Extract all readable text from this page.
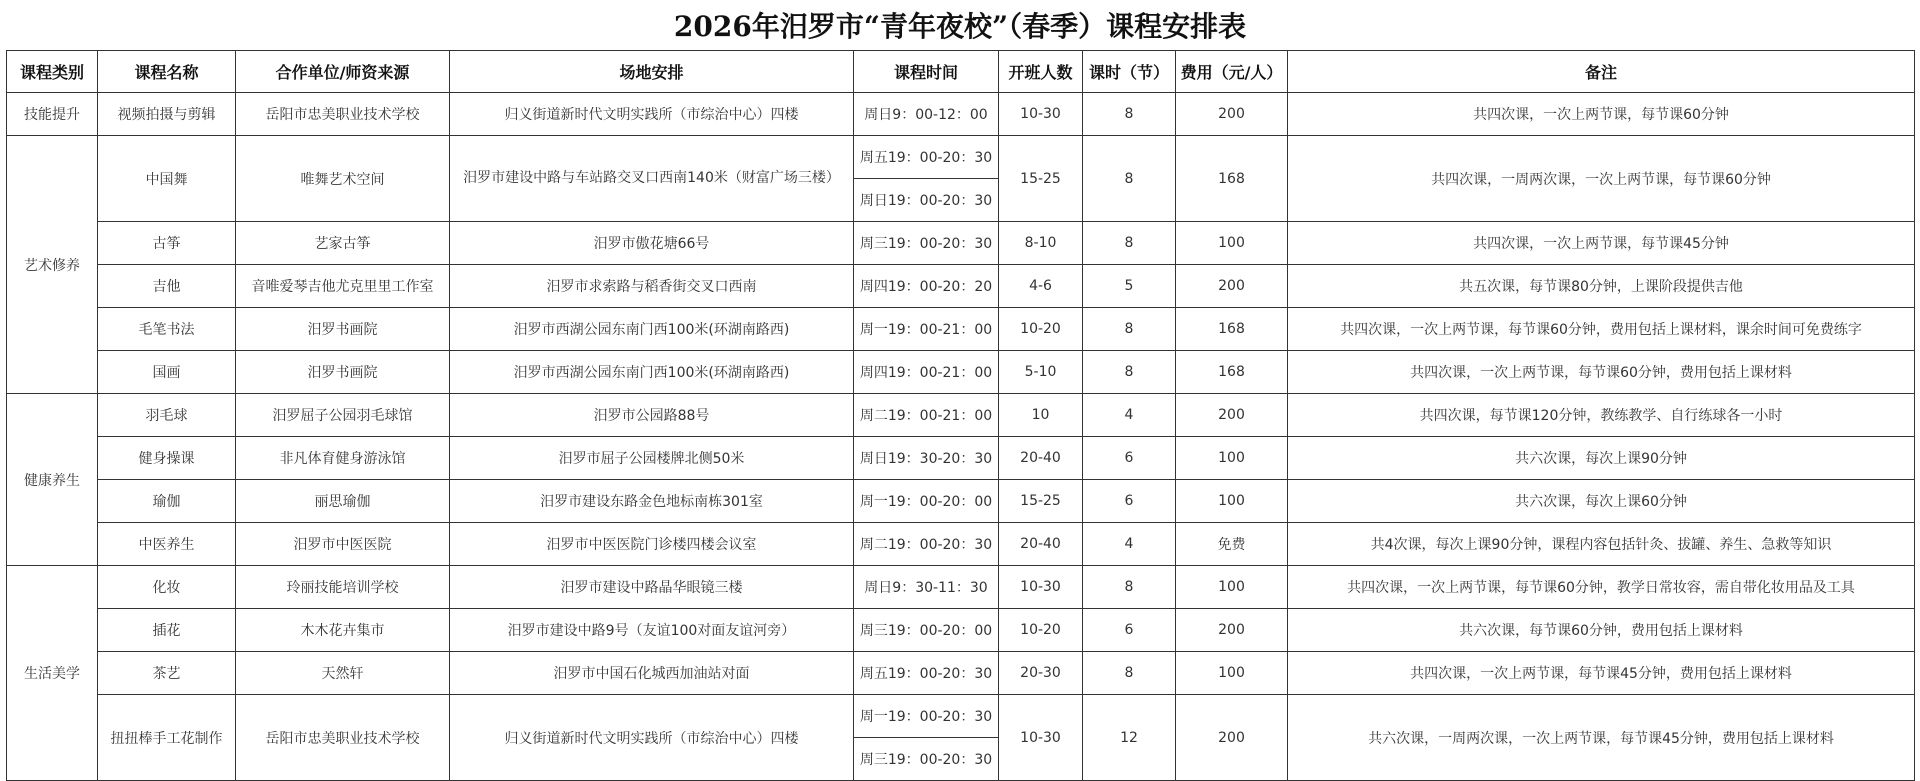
2026年汨罗市“青年夜校”（春季）课程安排表
课程类别	课程名称	合作单位/师资来源	场地安排	课程时间	开班人数	课时（节）	费用（元/人）	备注
技能提升	视频拍摄与剪辑	岳阳市忠美职业技术学校	归义街道新时代文明实践所（市综治中心）四楼	周日9：00-12：00	10-30	8	200	共四次课，一次上两节课，每节课60分钟
艺术修养	中国舞	唯舞艺术空间	汨罗市建设中路与车站路交叉口西南140米（财富广场三楼）	周五19：00-20：30	15-25	8	168	共四次课，一周两次课，一次上两节课，每节课60分钟
				周日19：00-20：30				
	古筝	艺家古筝	汨罗市傲花塘66号	周三19：00-20：30	8-10	8	100	共四次课，一次上两节课，每节课45分钟
	吉他	音唯爱琴吉他尤克里里工作室	汨罗市求索路与稻香街交叉口西南	周四19：00-20：20	4-6	5	200	共五次课，每节课80分钟，上课阶段提供吉他
	毛笔书法	汨罗书画院	汨罗市西湖公园东南门西100米(环湖南路西)	周一19：00-21：00	10-20	8	168	共四次课，一次上两节课，每节课60分钟，费用包括上课材料，课余时间可免费练字
	国画	汨罗书画院	汨罗市西湖公园东南门西100米(环湖南路西)	周四19：00-21：00	5-10	8	168	共四次课，一次上两节课，每节课60分钟，费用包括上课材料
健康养生	羽毛球	汨罗屈子公园羽毛球馆	汨罗市公园路88号	周二19：00-21：00	10	4	200	共四次课，每节课120分钟，教练教学、自行练球各一小时
	健身操课	非凡体育健身游泳馆	汨罗市屈子公园楼牌北侧50米	周日19：30-20：30	20-40	6	100	共六次课，每次上课90分钟
	瑜伽	丽思瑜伽	汨罗市建设东路金色地标南栋301室	周一19：00-20：00	15-25	6	100	共六次课，每次上课60分钟
	中医养生	汨罗市中医医院	汨罗市中医医院门诊楼四楼会议室	周二19：00-20：30	20-40	4	免费	共4次课，每次上课90分钟，课程内容包括针灸、拔罐、养生、急救等知识
生活美学	化妆	玲丽技能培训学校	汨罗市建设中路晶华眼镜三楼	周日9：30-11：30	10-30	8	100	共四次课，一次上两节课，每节课60分钟，教学日常妆容，需自带化妆用品及工具
	插花	木木花卉集市	汨罗市建设中路9号（友谊100对面友谊河旁）	周三19：00-20：00	10-20	6	200	共六次课，每节课60分钟，费用包括上课材料
	茶艺	天然轩	汨罗市中国石化城西加油站对面	周五19：00-20：30	20-30	8	100	共四次课，一次上两节课，每节课45分钟，费用包括上课材料
	扭扭棒手工花制作	岳阳市忠美职业技术学校	归义街道新时代文明实践所（市综治中心）四楼	周一19：00-20：30	10-30	12	200	共六次课，一周两次课，一次上两节课，每节课45分钟，费用包括上课材料
				周三19：00-20：30				
